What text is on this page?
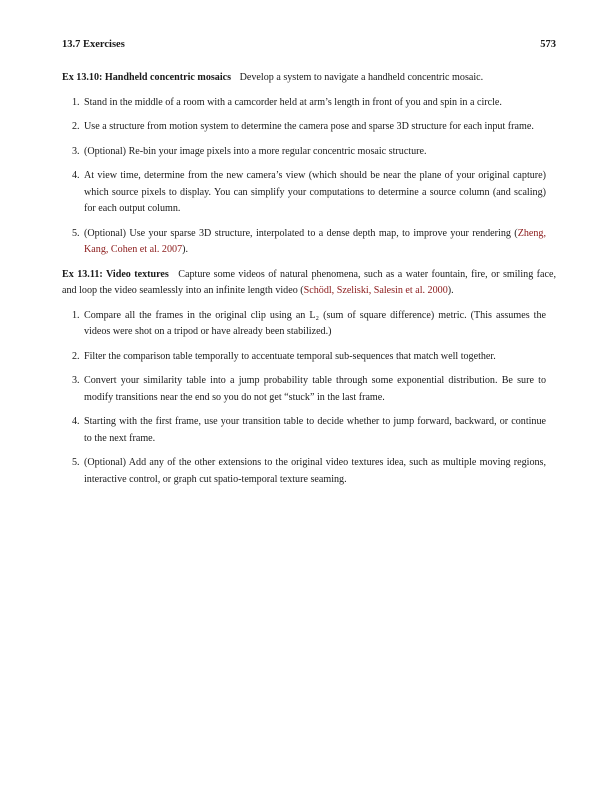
13.7 Exercises	573

Ex 13.10: Handheld concentric mosaics Develop a system to navigate a handheld concentric mosaic.

1. Stand in the middle of a room with a camcorder held at arm’s length in front of you and spin in a circle.
2. Use a structure from motion system to determine the camera pose and sparse 3D structure for each input frame.
3. (Optional) Re-bin your image pixels into a more regular concentric mosaic structure.
4. At view time, determine from the new camera’s view (which should be near the plane of your original capture) which source pixels to display. You can simplify your computations to determine a source column (and scaling) for each output column.
5. (Optional) Use your sparse 3D structure, interpolated to a dense depth map, to improve your rendering (Zheng, Kang, Cohen et al. 2007).

Ex 13.11: Video textures Capture some videos of natural phenomena, such as a water fountain, fire, or smiling face, and loop the video seamlessly into an infinite length video (Schödl, Szeliski, Salesin et al. 2000).

1. Compare all the frames in the original clip using an L₂ (sum of square difference) metric. (This assumes the videos were shot on a tripod or have already been stabilized.)
2. Filter the comparison table temporally to accentuate temporal sub-sequences that match well together.
3. Convert your similarity table into a jump probability table through some exponential distribution. Be sure to modify transitions near the end so you do not get “stuck” in the last frame.
4. Starting with the first frame, use your transition table to decide whether to jump forward, backward, or continue to the next frame.
5. (Optional) Add any of the other extensions to the original video textures idea, such as multiple moving regions, interactive control, or graph cut spatio-temporal texture seaming.
